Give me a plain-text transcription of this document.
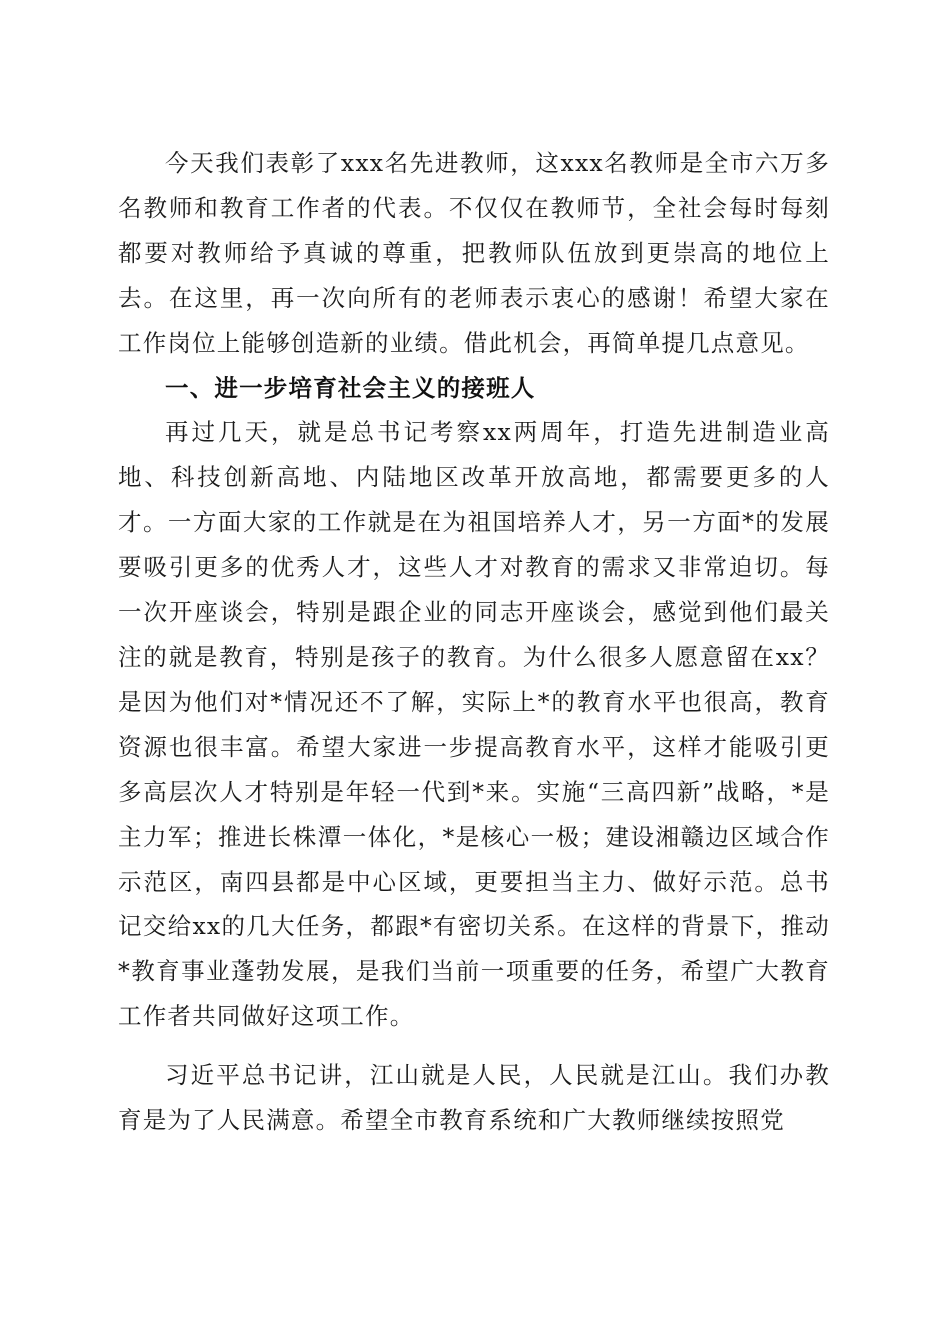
今天我们表彰了xxx名先进教师，这xxx名教师是全市六万多名教师和教育工作者的代表。不仅仅在教师节，全社会每时每刻都要对教师给予真诚的尊重，把教师队伍放到更崇高的地位上去。在这里，再一次向所有的老师表示衷心的感谢！希望大家在工作岗位上能够创造新的业绩。借此机会，再简单提几点意见。

一、进一步培育社会主义的接班人

再过几天，就是总书记考察xx两周年，打造先进制造业高地、科技创新高地、内陆地区改革开放高地，都需要更多的人才。一方面大家的工作就是在为祖国培养人才，另一方面*的发展要吸引更多的优秀人才，这些人才对教育的需求又非常迫切。每一次开座谈会，特别是跟企业的同志开座谈会，感觉到他们最关注的就是教育，特别是孩子的教育。为什么很多人愿意留在xx？是因为他们对*情况还不了解，实际上*的教育水平也很高，教育资源也很丰富。希望大家进一步提高教育水平，这样才能吸引更多高层次人才特别是年轻一代到*来。实施“三高四新”战略，*是主力军；推进长株潭一体化，*是核心一极；建设湘赣边区域合作示范区，南四县都是中心区域，更要担当主力、做好示范。总书记交给xx的几大任务，都跟*有密切关系。在这样的背景下，推动*教育事业蓬勃发展，是我们当前一项重要的任务，希望广大教育工作者共同做好这项工作。

习近平总书记讲，江山就是人民，人民就是江山。我们办教育是为了人民满意。希望全市教育系统和广大教师继续按照党
